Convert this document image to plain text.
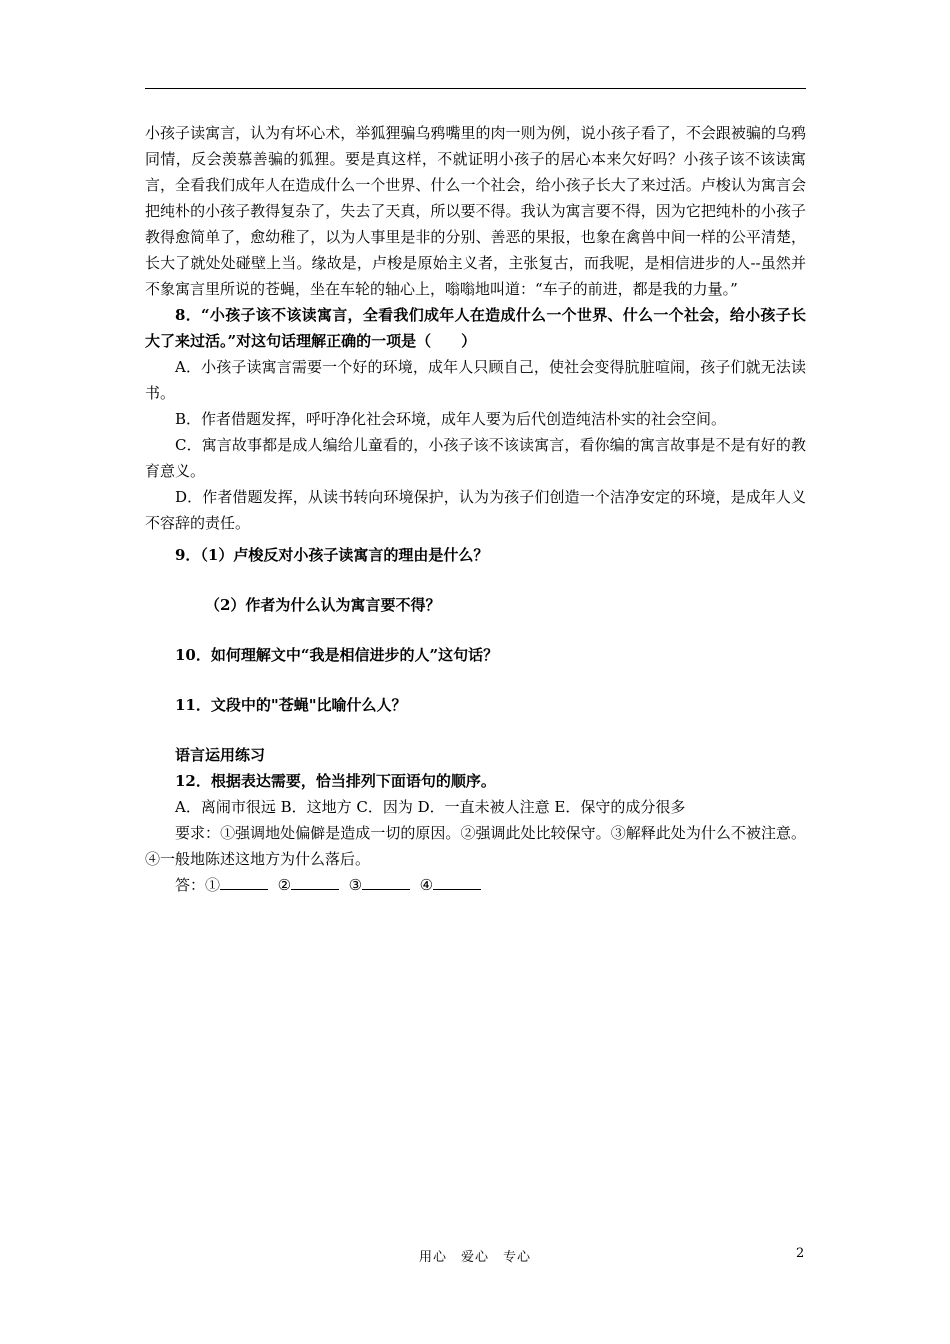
小孩子读寓言，认为有坏心术，举狐狸骗乌鸦嘴里的肉一则为例，说小孩子看了，不会跟被骗的乌鸦同情，反会羡慕善骗的狐狸。要是真这样，不就证明小孩子的居心本来欠好吗？小孩子该不该读寓言，全看我们成年人在造成什么一个世界、什么一个社会，给小孩子长大了来过活。卢梭认为寓言会把纯朴的小孩子教得复杂了，失去了天真，所以要不得。我认为寓言要不得，因为它把纯朴的小孩子教得愈简单了，愈幼稚了，以为人事里是非的分别、善恶的果报，也象在禽兽中间一样的公平清楚，长大了就处处碰壁上当。缘故是，卢梭是原始主义者，主张复古，而我呢，是相信进步的人--虽然并不象寓言里所说的苍蝇，坐在车轮的轴心上，嗡嗡地叫道：“车子的前进，都是我的力量。”

8．“小孩子该不该读寓言，全看我们成年人在造成什么一个世界、什么一个社会，给小孩子长大了来过活。”对这句话理解正确的一项是（　　）

A．小孩子读寓言需要一个好的环境，成年人只顾自己，使社会变得肮脏喧闹，孩子们就无法读书。

B．作者借题发挥，呼吁净化社会环境，成年人要为后代创造纯洁朴实的社会空间。

C．寓言故事都是成人编给儿童看的，小孩子该不该读寓言，看你编的寓言故事是不是有好的教育意义。

D．作者借题发挥，从读书转向环境保护，认为为孩子们创造一个洁净安定的环境，是成年人义不容辞的责任。

9．（1）卢梭反对小孩子读寓言的理由是什么？

（2）作者为什么认为寓言要不得？

10．如何理解文中“我是相信进步的人”这句话？

11．文段中的"苍蝇"比喻什么人？

语言运用练习

12．根据表达需要，恰当排列下面语句的顺序。

A．离闹市很远 B．这地方 C．因为 D．一直未被人注意 E．保守的成分很多

要求：①强调地处偏僻是造成一切的原因。②强调此处比较保守。③解释此处为什么不被注意。④一般地陈述这地方为什么落后。

答：①	②	③	④

用心　爱心　专心	2
